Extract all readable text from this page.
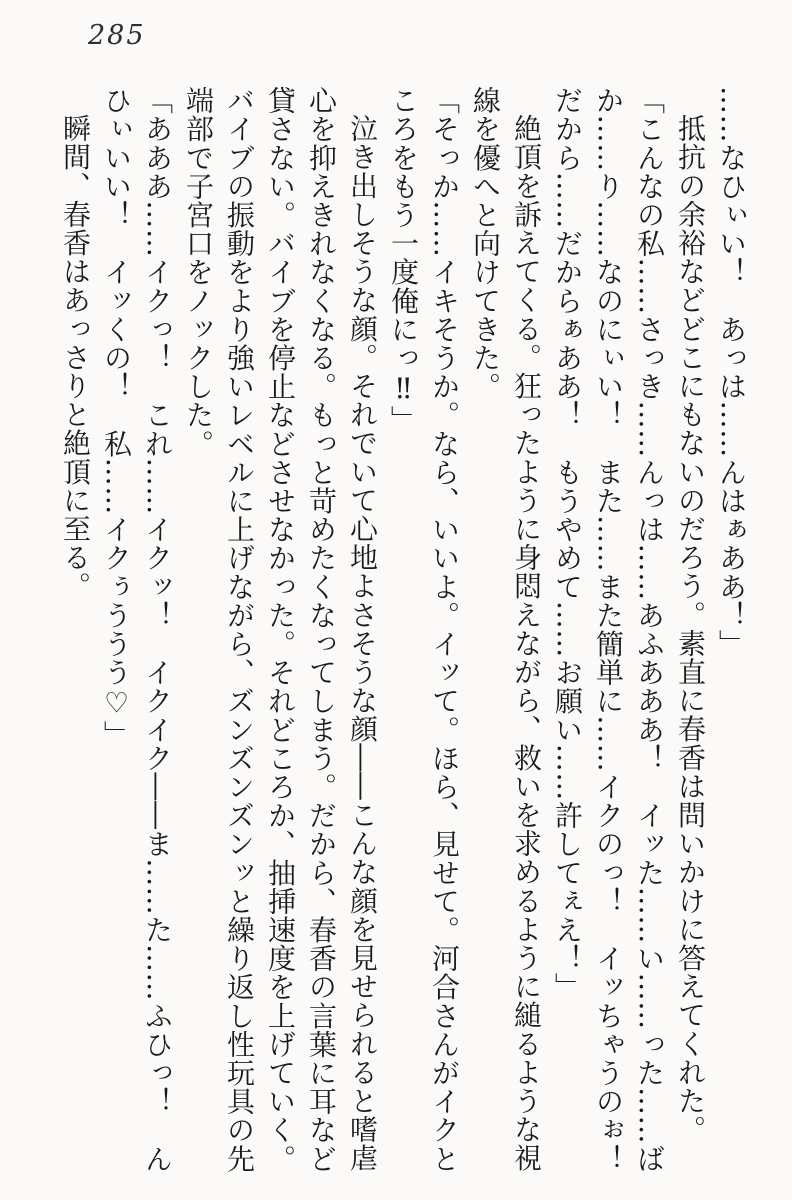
285
……なひぃい！　あっは……んはぁああ！」
抵抗の余裕などどこにもないのだろう。素直に春香は問いかけに答えてくれた。
「こんなの私……さっき……んっは……あふあああ！　イッた……い……った……ば
か……り……なのにぃい！　また……また簡単に……イクのっ！　イッちゃうのぉ！
だから……だからぁああ！　もうやめて……お願い……許してぇえ！」
絶頂を訴えてくる。狂ったように身悶えながら、救いを求めるように縋るような視
線を優へと向けてきた。
「そっか……イキそうか。なら、いいよ。イッて。ほら、見せて。河合さんがイクと
ころをもう一度俺にっ‼」
泣き出しそうな顔。それでいて心地よさそうな顔――こんな顔を見せられると嗜虐
心を抑えきれなくなる。もっと苛めたくなってしまう。だから、春香の言葉に耳など
貸さない。バイブを停止などさせなかった。それどころか、抽挿速度を上げていく。
バイブの振動をより強いレベルに上げながら、ズンズンズンッと繰り返し性玩具の先
端部で子宮口をノックした。
「あああ……イクっ！　これ……イクッ！　イクイク――ま……た……ふひっ！　ん
ひぃいい！　イッくの！　私……イクぅううう♡」
瞬間、春香はあっさりと絶頂に至る。
